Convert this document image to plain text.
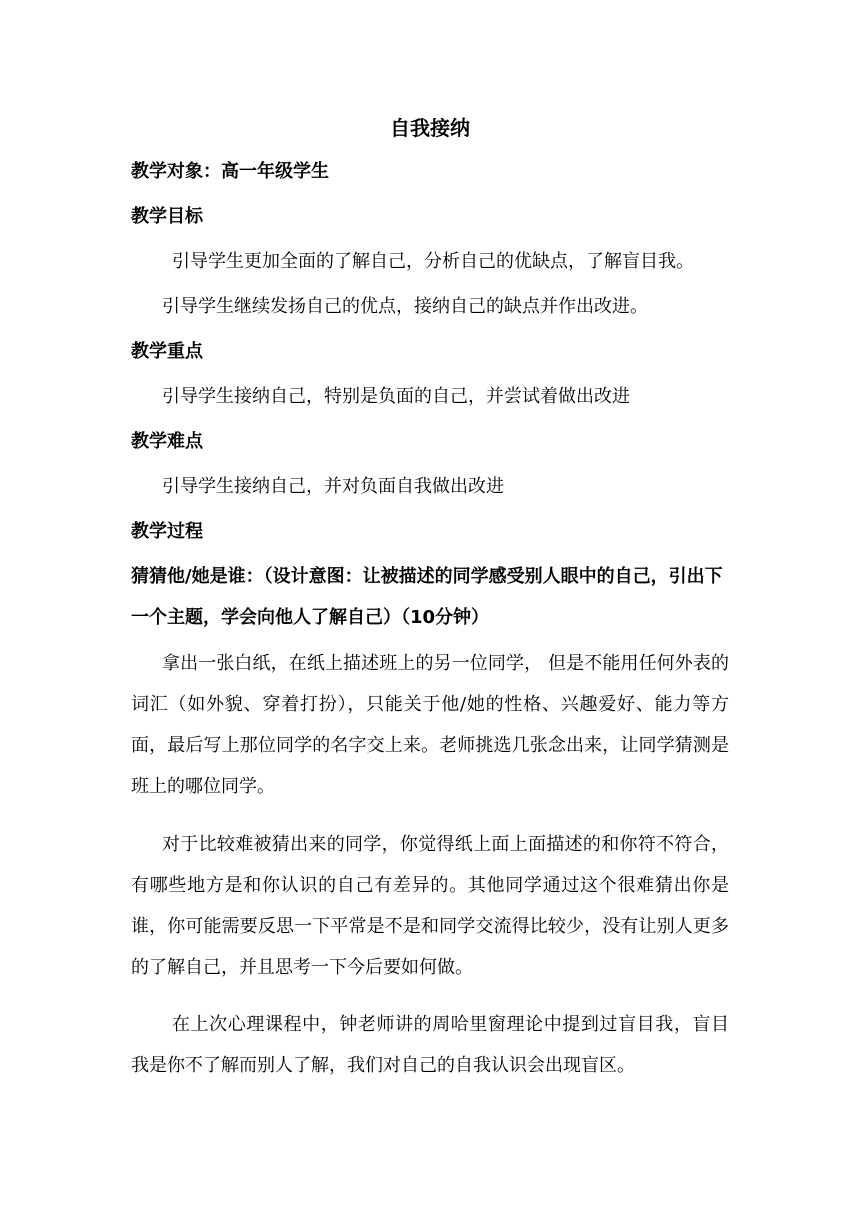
自我接纳
教学对象：高一年级学生
教学目标
引导学生更加全面的了解自己，分析自己的优缺点，了解盲目我。
引导学生继续发扬自己的优点，接纳自己的缺点并作出改进。
教学重点
引导学生接纳自己，特别是负面的自己，并尝试着做出改进
教学难点
引导学生接纳自己，并对负面自我做出改进
教学过程
猜猜他/她是谁：（设计意图：让被描述的同学感受别人眼中的自己，引出下一个主题，学会向他人了解自己）（10分钟）
拿出一张白纸，在纸上描述班上的另一位同学， 但是不能用任何外表的词汇（如外貌、穿着打扮），只能关于他/她的性格、兴趣爱好、能力等方面，最后写上那位同学的名字交上来。老师挑选几张念出来，让同学猜测是班上的哪位同学。
对于比较难被猜出来的同学，你觉得纸上面上面描述的和你符不符合，有哪些地方是和你认识的自己有差异的。其他同学通过这个很难猜出你是谁，你可能需要反思一下平常是不是和同学交流得比较少，没有让别人更多的了解自己，并且思考一下今后要如何做。
在上次心理课程中，钟老师讲的周哈里窗理论中提到过盲目我，盲目我是你不了解而别人了解，我们对自己的自我认识会出现盲区。
